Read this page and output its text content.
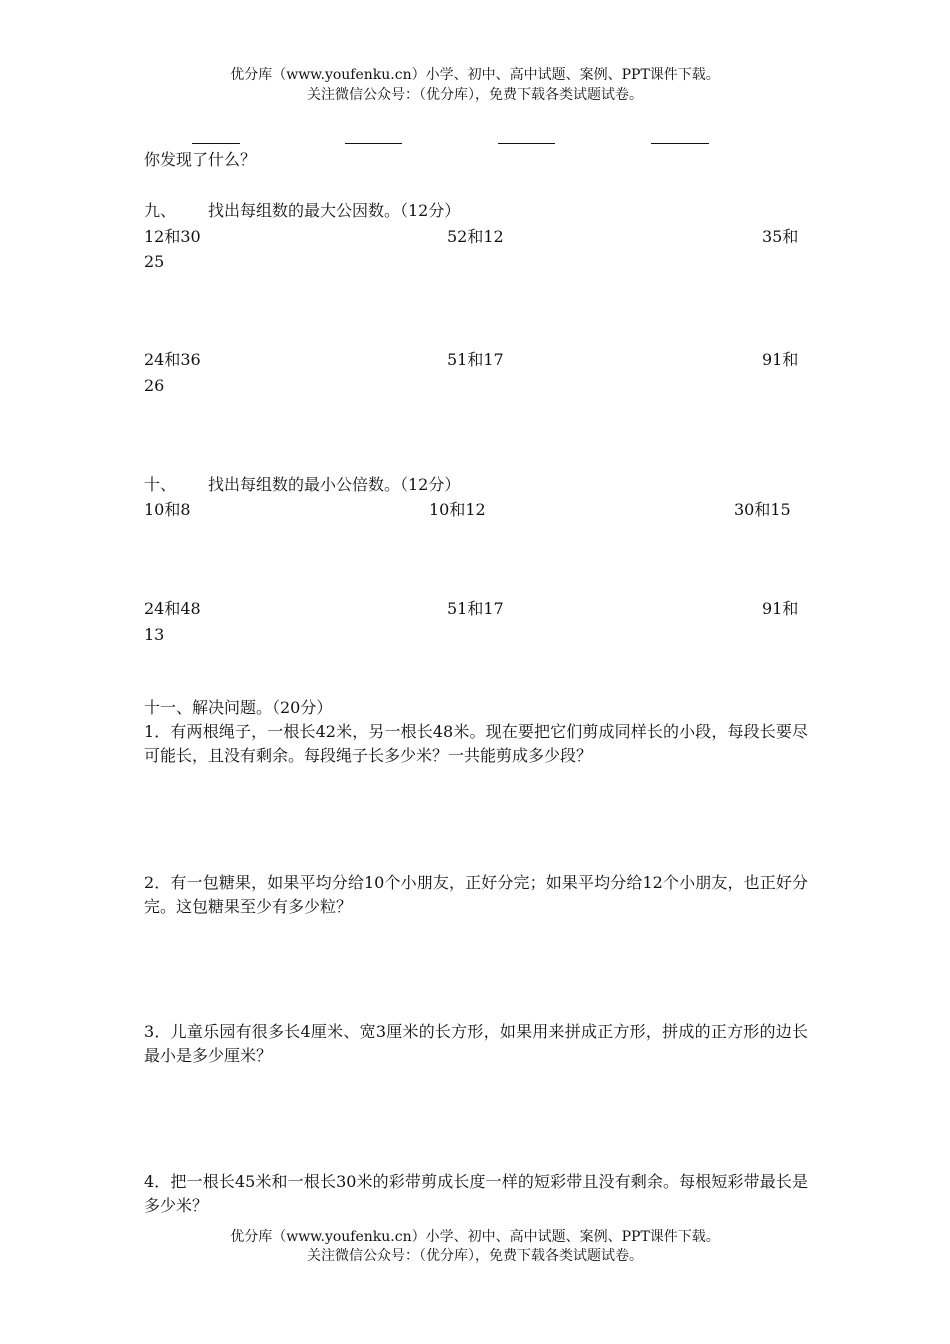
优分库（www.youfenku.cn）小学、初中、高中试题、案例、PPT课件下载。
关注微信公众号：（优分库），免费下载各类试题试卷。
你发现了什么？
九、 找出每组数的最大公因数。（12分）
12和30	52和12	35和
25
24和36	51和17	91和
26
十、 找出每组数的最小公倍数。（12分）
10和8	10和12	30和15
24和48	51和17	91和
13
十一、解决问题。（20分）
1．有两根绳子，一根长42米，另一根长48米。现在要把它们剪成同样长的小段，每段长要尽可能长，且没有剩余。每段绳子长多少米？一共能剪成多少段？
2．有一包糖果，如果平均分给10个小朋友，正好分完；如果平均分给12个小朋友，也正好分完。这包糖果至少有多少粒？
3．儿童乐园有很多长4厘米、宽3厘米的长方形，如果用来拼成正方形，拼成的正方形的边长最小是多少厘米？
4．把一根长45米和一根长30米的彩带剪成长度一样的短彩带且没有剩余。每根短彩带最长是多少米？
优分库（www.youfenku.cn）小学、初中、高中试题、案例、PPT课件下载。
关注微信公众号：（优分库），免费下载各类试题试卷。
